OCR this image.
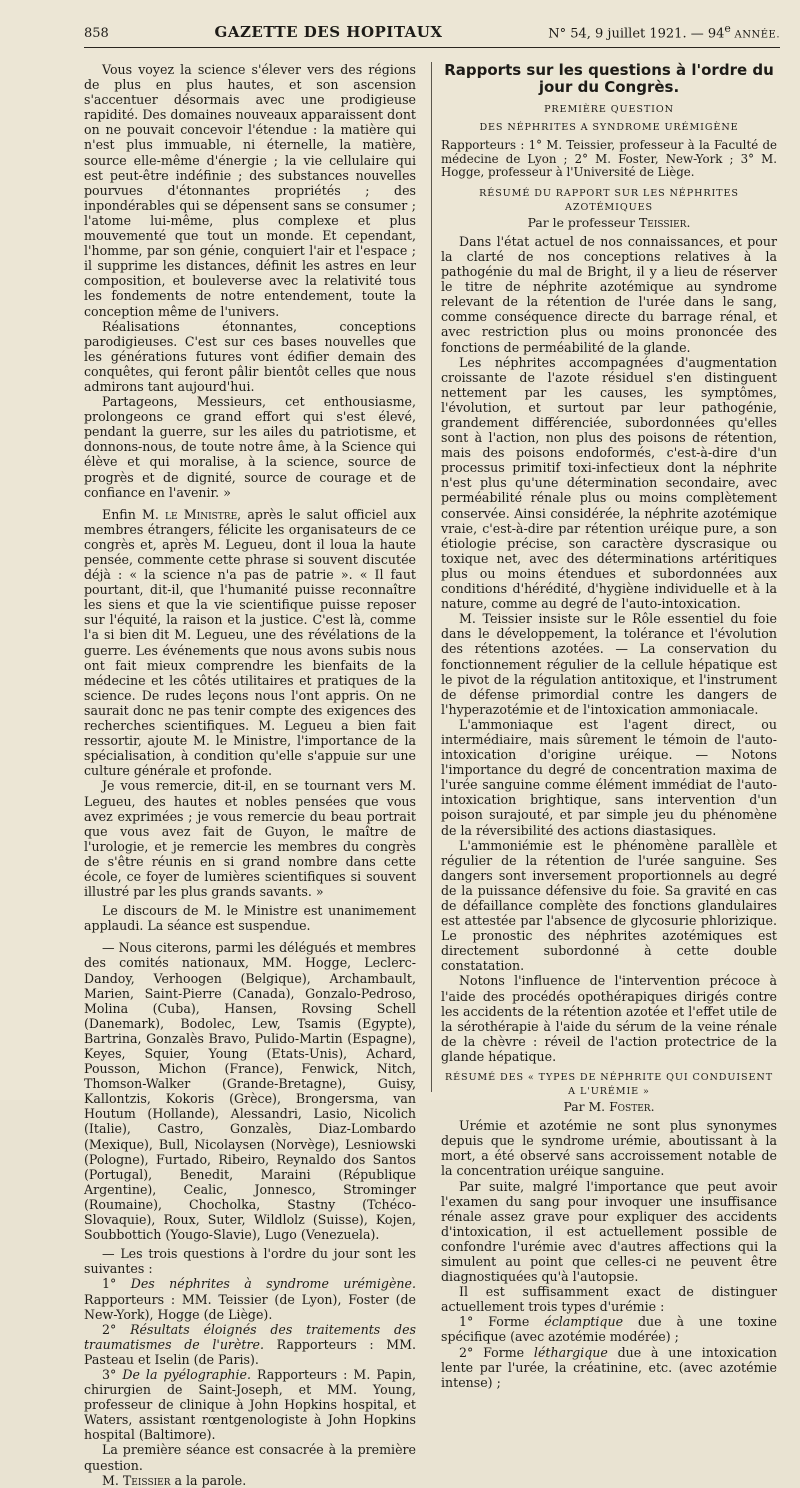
858	GAZETTE DES HOPITAUX	N° 54, 9 juillet 1921. — 94e ANNÉE.

Vous voyez la science s'élever vers des régions de plus en plus hautes, et son ascension s'accentuer désormais avec une prodigieuse rapidité. Des domaines nouveaux apparaissent dont on ne pouvait concevoir l'étendue : la matière qui n'est plus immuable, ni éternelle, la matière, source elle-même d'énergie ; la vie cellulaire qui est peut-être indéfinie ; des substances nouvelles pourvues d'étonnantes propriétés ; des inpondérables qui se dépensent sans se consumer ; l'atome lui-même, plus complexe et plus mouvementé que tout un monde. Et cependant, l'homme, par son génie, conquiert l'air et l'espace ; il supprime les distances, définit les astres en leur composition, et bouleverse avec la relativité tous les fondements de notre entendement, toute la conception même de l'univers.

Réalisations étonnantes, conceptions parodigieuses. C'est sur ces bases nouvelles que les générations futures vont édifier demain des conquêtes, qui feront pâlir bientôt celles que nous admirons tant aujourd'hui.

Partageons, Messieurs, cet enthousiasme, prolongeons ce grand effort qui s'est élevé, pendant la guerre, sur les ailes du patriotisme, et donnons-nous, de toute notre âme, à la Science qui élève et qui moralise, à la science, source de progrès et de dignité, source de courage et de confiance en l'avenir. »

Enfin M. le Ministre, après le salut officiel aux membres étrangers, félicite les organisateurs de ce congrès et, après M. Legueu, dont il loua la haute pensée, commente cette phrase si souvent discutée déjà : « la science n'a pas de patrie ». « Il faut pourtant, dit-il, que l'humanité puisse reconnaître les siens et que la vie scientifique puisse reposer sur l'équité, la raison et la justice. C'est là, comme l'a si bien dit M. Legueu, une des révélations de la guerre. Les événements que nous avons subis nous ont fait mieux comprendre les bienfaits de la médecine et les côtés utilitaires et pratiques de la science. De rudes leçons nous l'ont appris. On ne saurait donc ne pas tenir compte des exigences des recherches scientifiques. M. Legueu a bien fait ressortir, ajoute M. le Ministre, l'importance de la spécialisation, à condition qu'elle s'appuie sur une culture générale et profonde.

Je vous remercie, dit-il, en se tournant vers M. Legueu, des hautes et nobles pensées que vous avez exprimées ; je vous remercie du beau portrait que vous avez fait de Guyon, le maître de l'urologie, et je remercie les membres du congrès de s'être réunis en si grand nombre dans cette école, ce foyer de lumières scientifiques si souvent illustré par les plus grands savants. »

Le discours de M. le Ministre est unanimement applaudi. La séance est suspendue.

— Nous citerons, parmi les délégués et membres des comités nationaux, MM. Hogge, Leclerc-Dandoy, Verhoogen (Belgique), Archambault, Marien, Saint-Pierre (Canada), Gonzalo-Pedroso, Molina (Cuba), Hansen, Rovsing Schell (Danemark), Bodolec, Lew, Tsamis (Egypte), Bartrina, Gonzalès Bravo, Pulido-Martin (Espagne), Keyes, Squier, Young (Etats-Unis), Achard, Pousson, Michon (France), Fenwick, Nitch, Thomson-Walker (Grande-Bretagne), Guisy, Kallontzis, Kokoris (Grèce), Brongersma, van Houtum (Hollande), Alessandri, Lasio, Nicolich (Italie), Castro, Gonzalès, Diaz-Lombardo (Mexique), Bull, Nicolaysen (Norvège), Lesniowski (Pologne), Furtado, Ribeiro, Reynaldo dos Santos (Portugal), Benedit, Maraini (République Argentine), Cealic, Jonnesco, Strominger (Roumaine), Chocholka, Stastny (Tchéco-Slovaquie), Roux, Suter, Wildlolz (Suisse), Kojen, Soubbottich (Yougo-Slavie), Lugo (Venezuela).

— Les trois questions à l'ordre du jour sont les suivantes :

1° Des néphrites à syndrome urémigène. Rapporteurs : MM. Teissier (de Lyon), Foster (de New-York), Hogge (de Liège).

2° Résultats éloignés des traitements des traumatismes de l'urètre. Rapporteurs : MM. Pasteau et Iselin (de Paris).

3° De la pyélographie. Rapporteurs : M. Papin, chirurgien de Saint-Joseph, et MM. Young, professeur de clinique à John Hopkins hospital, et Waters, assistant rœntgenologiste à John Hopkins hospital (Baltimore).

La première séance est consacrée à la première question.

M. Teissier a la parole.

Rapports sur les questions à l'ordre du jour du Congrès.

PREMIÈRE QUESTION

DES NÉPHRITES A SYNDROME URÉMIGÈNE

Rapporteurs : 1° M. Teissier, professeur à la Faculté de médecine de Lyon ; 2° M. Foster, New-York ; 3° M. Hogge, professeur à l'Université de Liège.

RÉSUMÉ DU RAPPORT SUR LES NÉPHRITES AZOTÉMIQUES

Par le professeur Teissier.

Dans l'état actuel de nos connaissances, et pour la clarté de nos conceptions relatives à la pathogénie du mal de Bright, il y a lieu de réserver le titre de néphrite azotémique au syndrome relevant de la rétention de l'urée dans le sang, comme conséquence directe du barrage rénal, et avec restriction plus ou moins prononcée des fonctions de perméabilité de la glande.

Les néphrites accompagnées d'augmentation croissante de l'azote résiduel s'en distinguent nettement par les causes, les symptômes, l'évolution, et surtout par leur pathogénie, grandement différenciée, subordonnées qu'elles sont à l'action, non plus des poisons de rétention, mais des poisons endoformés, c'est-à-dire d'un processus primitif toxi-infectieux dont la néphrite n'est plus qu'une détermination secondaire, avec perméabilité rénale plus ou moins complètement conservée. Ainsi considérée, la néphrite azotémique vraie, c'est-à-dire par rétention uréique pure, a son étiologie précise, son caractère dyscrasique ou toxique net, avec des déterminations artéritiques plus ou moins étendues et subordonnées aux conditions d'hérédité, d'hygiène individuelle et à la nature, comme au degré de l'auto-intoxication.

M. Teissier insiste sur le Rôle essentiel du foie dans le développement, la tolérance et l'évolution des rétentions azotées. — La conservation du fonctionnement régulier de la cellule hépatique est le pivot de la régulation antitoxique, et l'instrument de défense primordial contre les dangers de l'hyperazotémie et de l'intoxication ammoniacale.

L'ammoniaque est l'agent direct, ou intermédiaire, mais sûrement le témoin de l'auto-intoxication d'origine uréique. — Notons l'importance du degré de concentration maxima de l'urée sanguine comme élément immédiat de l'auto-intoxication brightique, sans intervention d'un poison surajouté, et par simple jeu du phénomène de la réversibilité des actions diastasiques.

L'ammoniémie est le phénomène parallèle et régulier de la rétention de l'urée sanguine. Ses dangers sont inversement proportionnels au degré de la puissance défensive du foie. Sa gravité en cas de défaillance complète des fonctions glandulaires est attestée par l'absence de glycosurie phlorizique. Le pronostic des néphrites azotémiques est directement subordonné à cette double constatation.

Notons l'influence de l'intervention précoce à l'aide des procédés opothérapiques dirigés contre les accidents de la rétention azotée et l'effet utile de la sérothérapie à l'aide du sérum de la veine rénale de la chèvre : réveil de l'action protectrice de la glande hépatique.

RÉSUMÉ DES « TYPES DE NÉPHRITE QUI CONDUISENT A L'URÉMIE »

Par M. Foster.

Urémie et azotémie ne sont plus synonymes depuis que le syndrome urémie, aboutissant à la mort, a été observé sans accroissement notable de la concentration uréique sanguine.

Par suite, malgré l'importance que peut avoir l'examen du sang pour invoquer une insuffisance rénale assez grave pour expliquer des accidents d'intoxication, il est actuellement possible de confondre l'urémie avec d'autres affections qui la simulent au point que celles-ci ne peuvent être diagnostiquées qu'à l'autopsie.

Il est suffisamment exact de distinguer actuellement trois types d'urémie :

1° Forme éclamptique due à une toxine spécifique (avec azotémie modérée) ;

2° Forme léthargique due à une intoxication lente par l'urée, la créatinine, etc. (avec azotémie intense) ;
